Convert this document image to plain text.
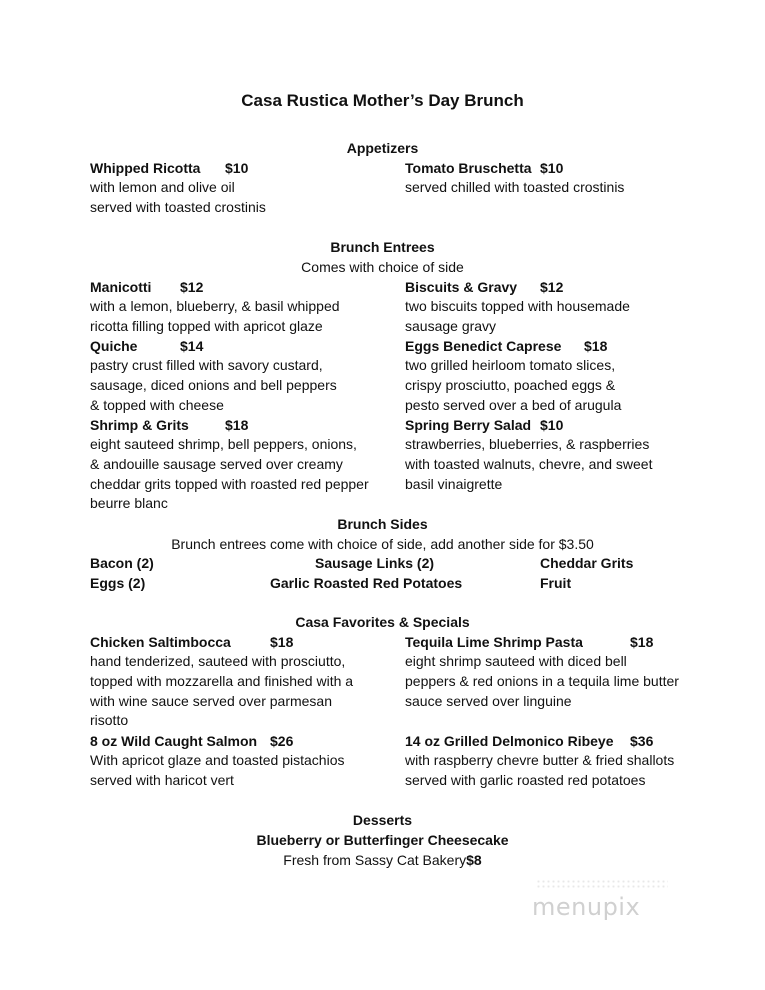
Casa Rustica Mother’s Day Brunch
Appetizers
Whipped Ricotta $10
with lemon and olive oil
served with toasted crostinis
Tomato Bruschetta $10
served chilled with toasted crostinis
Brunch Entrees
Comes with choice of side
Manicotti $12
with a lemon, blueberry, & basil whipped
ricotta filling topped with apricot glaze
Biscuits & Gravy $12
two biscuits topped with housemade
sausage gravy
Quiche	$14
pastry crust filled with savory custard,
sausage, diced onions and bell peppers
& topped with cheese
Eggs Benedict Caprese $18
two grilled heirloom tomato slices,
crispy prosciutto, poached eggs &
pesto served over a bed of arugula
Shrimp & Grits	$18
eight sauteed shrimp, bell peppers, onions,
& andouille sausage served over creamy
cheddar grits topped with roasted red pepper
beurre blanc
Spring Berry Salad $10
strawberries, blueberries, & raspberries
with toasted walnuts, chevre, and sweet
basil vinaigrette
Brunch Sides
Brunch entrees come with choice of side, add another side for $3.50
Bacon (2)	Sausage Links (2)	Cheddar Grits
Eggs (2)	Garlic Roasted Red Potatoes	Fruit
Casa Favorites & Specials
Chicken Saltimbocca	$18
hand tenderized, sauteed with prosciutto,
topped with mozzarella and finished with a
with wine sauce served over parmesan
risotto
Tequila Lime Shrimp Pasta	$18
eight shrimp sauteed with diced bell
peppers & red onions in a tequila lime butter
sauce served over linguine
8 oz Wild Caught Salmon $26
With apricot glaze and toasted pistachios
served with haricot vert
14 oz Grilled Delmonico Ribeye $36
with raspberry chevre butter & fried shallots
served with garlic roasted red potatoes
Desserts
Blueberry or Butterfinger Cheesecake
Fresh from Sassy Cat Bakery$8
menupix
